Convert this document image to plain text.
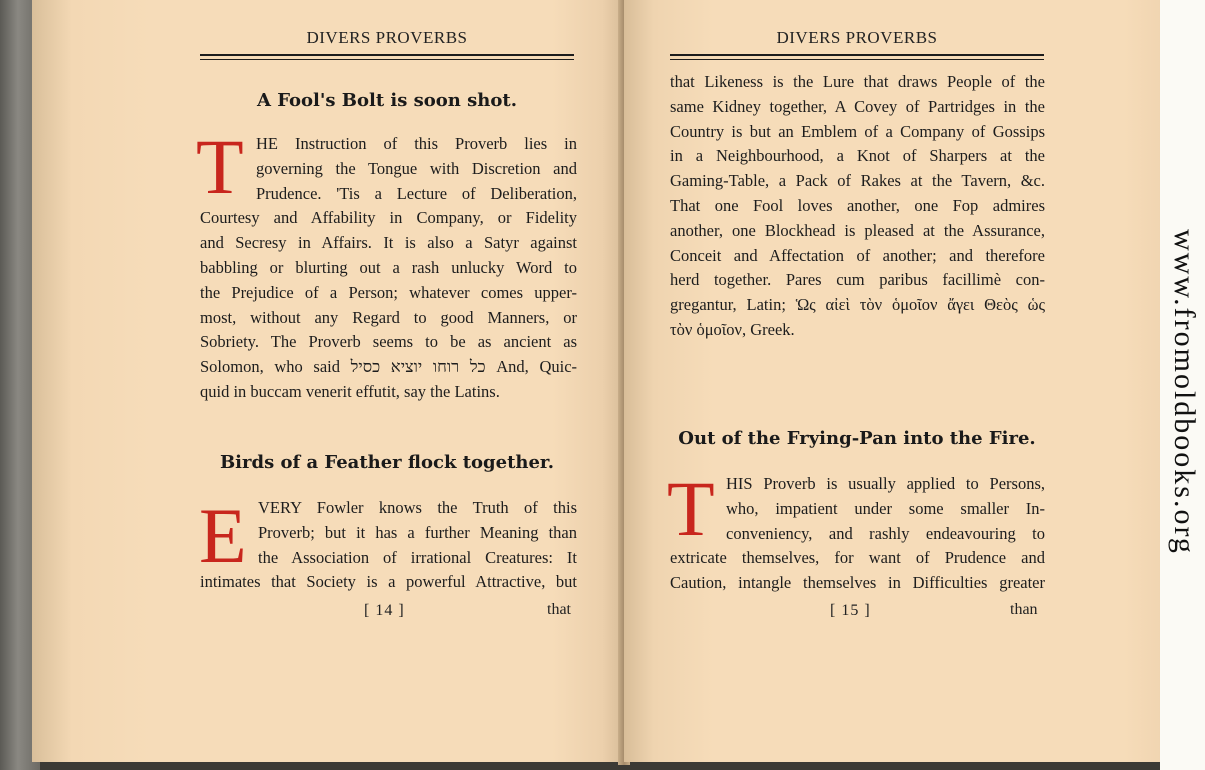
DIVERS PROVERBS
A Fool's Bolt is soon shot.
T HE Instruction of this Proverb lies in
governing the Tongue with Discretion and
Prudence. 'Tis a Lecture of Deliberation,
Courtesy and Affability in Company, or Fidelity
and Secresy in Affairs. It is also a Satyr against
babbling or blurting out a rash unlucky Word to
the Prejudice of a Person; whatever comes upper-
most, without any Regard to good Manners, or
Sobriety. The Proverb seems to be as ancient as
Solomon, who said כל רוחו יוציא כסיל And, Quic-
quid in buccam venerit effutit, say the Latins.
Birds of a Feather flock together.
E VERY Fowler knows the Truth of this
Proverb; but it has a further Meaning than
the Association of irrational Creatures: It
intimates that Society is a powerful Attractive, but
[ 14 ]	that
DIVERS PROVERBS
that Likeness is the Lure that draws People of the
same Kidney together, A Covey of Partridges in the
Country is but an Emblem of a Company of Gossips
in a Neighbourhood, a Knot of Sharpers at the
Gaming-Table, a Pack of Rakes at the Tavern, &c.
That one Fool loves another, one Fop admires
another, one Blockhead is pleased at the Assurance,
Conceit and Affectation of another; and therefore
herd together. Pares cum paribus facillimè con-
gregantur, Latin; Ὡς αἰεὶ τὸν ὁμοῖον ἄγει Θεὸς ὡς
τὸν ὁμοῖον, Greek.
Out of the Frying-Pan into the Fire.
T HIS Proverb is usually applied to Persons,
who, impatient under some smaller In-
conveniency, and rashly endeavouring to
extricate themselves, for want of Prudence and
Caution, intangle themselves in Difficulties greater
[ 15 ]	than
www.fromoldbooks.org
